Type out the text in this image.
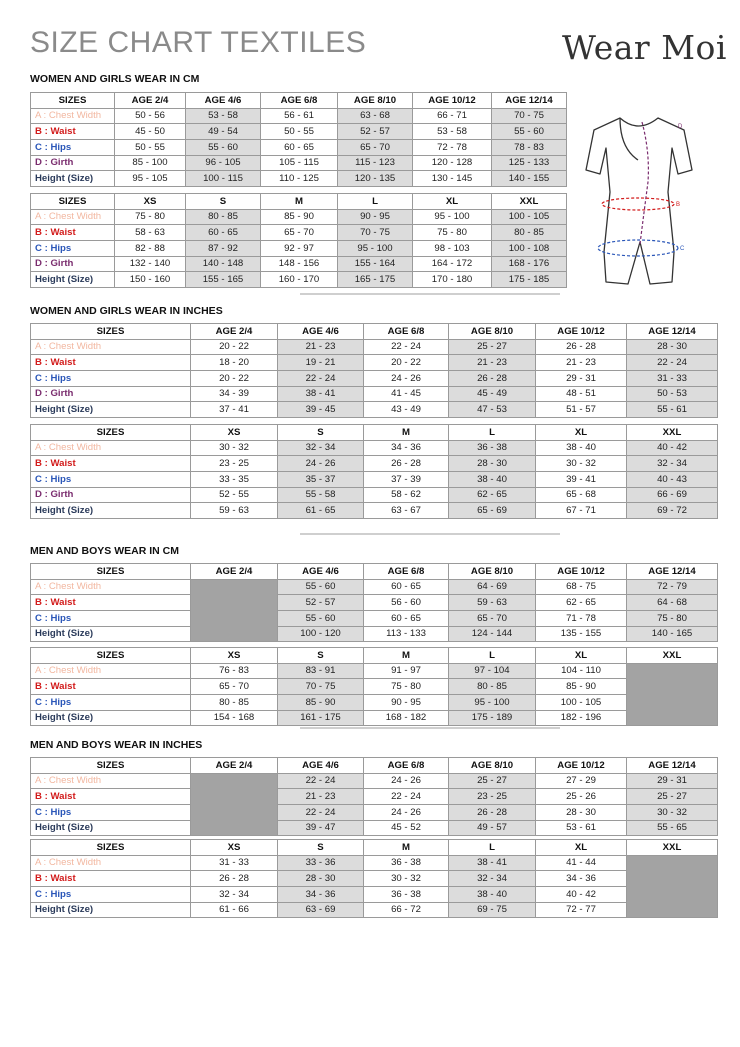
SIZE CHART TEXTILES	Wear Moi
D
B
C
WOMEN AND GIRLS WEAR IN CM
WOMEN AND GIRLS WEAR IN INCHES
MEN AND BOYS WEAR IN CM
MEN AND BOYS WEAR IN INCHES
SIZES	AGE 2/4	AGE 4/6	AGE 6/8	AGE 8/10	AGE 10/12	AGE 12/14
A : Chest Width	50 - 56	53 - 58	56 - 61	63 - 68	66 - 71	70 - 75
B : Waist	45 - 50	49 - 54	50 - 55	52 - 57	53 - 58	55 - 60
C : Hips	50 - 55	55 - 60	60 - 65	65 - 70	72 - 78	78 - 83
D : Girth	85 - 100	96 - 105	105 - 115	115 - 123	120 - 128	125 - 133
Height (Size)	95 - 105	100 - 115	110 - 125	120 - 135	130 - 145	140 - 155
SIZES	XS	S	M	L	XL	XXL
A : Chest Width	75 - 80	80 - 85	85 - 90	90 - 95	95 - 100	100 - 105
B : Waist	58 - 63	60 - 65	65 - 70	70 - 75	75 - 80	80 - 85
C : Hips	82 - 88	87 - 92	92 - 97	95 - 100	98 - 103	100 - 108
D : Girth	132 - 140	140 - 148	148 - 156	155 - 164	164 - 172	168 - 176
Height (Size)	150 - 160	155 - 165	160 - 170	165 - 175	170 - 180	175 - 185
SIZES	AGE 2/4	AGE 4/6	AGE 6/8	AGE 8/10	AGE 10/12	AGE 12/14
A : Chest Width	20 - 22	21 - 23	22 - 24	25 - 27	26 - 28	28 - 30
B : Waist	18 - 20	19 - 21	20 - 22	21 - 23	21 - 23	22 - 24
C : Hips	20 - 22	22 - 24	24 - 26	26 - 28	29 - 31	31 - 33
D : Girth	34 - 39	38 - 41	41 - 45	45 - 49	48 - 51	50 - 53
Height (Size)	37 - 41	39 - 45	43 - 49	47 - 53	51 - 57	55 - 61
SIZES	XS	S	M	L	XL	XXL
A : Chest Width	30 - 32	32 - 34	34 - 36	36 - 38	38 - 40	40 - 42
B : Waist	23 - 25	24 - 26	26 - 28	28 - 30	30 - 32	32 - 34
C : Hips	33 - 35	35 - 37	37 - 39	38 - 40	39 - 41	40 - 43
D : Girth	52 - 55	55 - 58	58 - 62	62 - 65	65 - 68	66 - 69
Height (Size)	59 - 63	61 - 65	63 - 67	65 - 69	67 - 71	69 - 72
SIZES	AGE 2/4	AGE 4/6	AGE 6/8	AGE 8/10	AGE 10/12	AGE 12/14
A : Chest Width		55 - 60	60 - 65	64 - 69	68 - 75	72 - 79
B : Waist		52 - 57	56 - 60	59 - 63	62 - 65	64 - 68
C : Hips		55 - 60	60 - 65	65 - 70	71 - 78	75 - 80
Height (Size)		100 - 120	113 - 133	124 - 144	135 - 155	140 - 165
SIZES	XS	S	M	L	XL	XXL
A : Chest Width	76 - 83	83 - 91	91 - 97	97 - 104	104 - 110	
B : Waist	65 - 70	70 - 75	75 - 80	80 - 85	85 - 90	
C : Hips	80 - 85	85 - 90	90 - 95	95 - 100	100 - 105	
Height (Size)	154 - 168	161 - 175	168 - 182	175 - 189	182 - 196	
SIZES	AGE 2/4	AGE 4/6	AGE 6/8	AGE 8/10	AGE 10/12	AGE 12/14
A : Chest Width		22 - 24	24 - 26	25 - 27	27 - 29	29 - 31
B : Waist		21 - 23	22 - 24	23 - 25	25 - 26	25 - 27
C : Hips		22 - 24	24 - 26	26 - 28	28 - 30	30 - 32
Height (Size)		39 - 47	45 - 52	49 - 57	53 - 61	55 - 65
SIZES	XS	S	M	L	XL	XXL
A : Chest Width	31 - 33	33 - 36	36 - 38	38 - 41	41 - 44	
B : Waist	26 - 28	28 - 30	30 - 32	32 - 34	34 - 36	
C : Hips	32 - 34	34 - 36	36 - 38	38 - 40	40 - 42	
Height (Size)	61 - 66	63 - 69	66 - 72	69 - 75	72 - 77	
